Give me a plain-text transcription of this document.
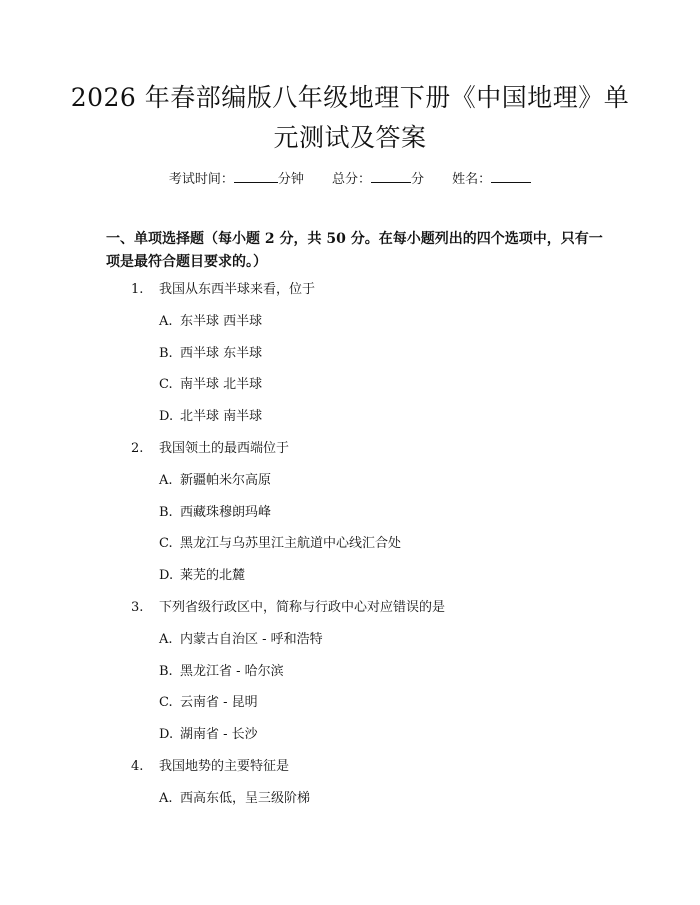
2026 年春部编版八年级地理下册《中国地理》单元测试及答案
考试时间：	分钟 总分：	分 姓名：
一、单项选择题（每小题 2 分，共 50 分。在每小题列出的四个选项中，只有一项是最符合题目要求的。）
1. 我国从东西半球来看，位于
A. 东半球 西半球
B. 西半球 东半球
C. 南半球 北半球
D. 北半球 南半球
2. 我国领土的最西端位于
A. 新疆帕米尔高原
B. 西藏珠穆朗玛峰
C. 黑龙江与乌苏里江主航道中心线汇合处
D. 莱芜的北麓
3. 下列省级行政区中，简称与行政中心对应错误的是
A. 内蒙古自治区 - 呼和浩特
B. 黑龙江省 - 哈尔滨
C. 云南省 - 昆明
D. 湖南省 - 长沙
4. 我国地势的主要特征是
A. 西高东低，呈三级阶梯
